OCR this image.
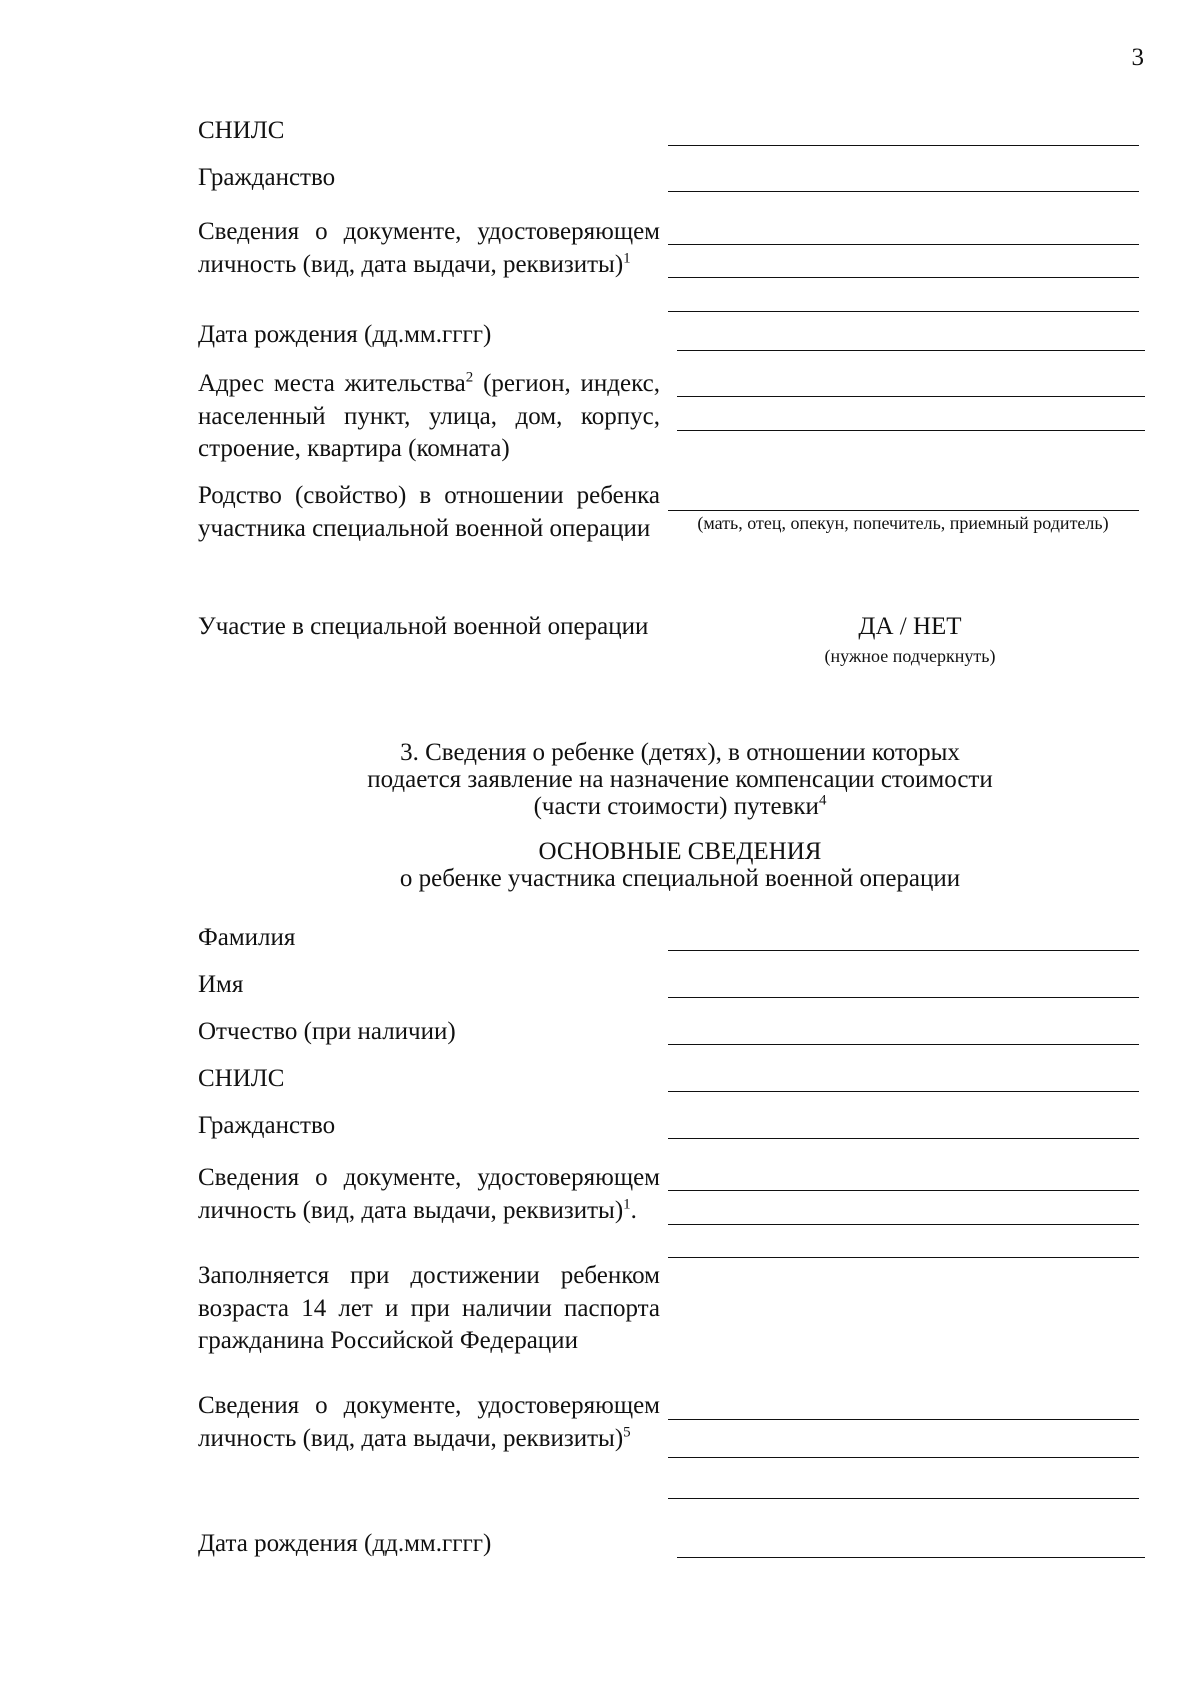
3
СНИЛС
Гражданство
Сведения о документе, удостоверяющем личность (вид, дата выдачи, реквизиты)$^1$
Дата рождения (дд.мм.гггг)
Адрес места жительства$^2$ (регион, индекс, населенный пункт, улица, дом, корпус, строение, квартира (комната)
Родство (свойство) в отношении ребенка участника специальной военной операции	(мать, отец, опекун, попечитель, приемный родитель)
Участие в специальной военной операции	ДА / НЕТ
(нужное подчеркнуть)
3. Сведения о ребенке (детях), в отношении которых
подается заявление на назначение компенсации стоимости
(части стоимости) путевки$^4$
ОСНОВНЫЕ СВЕДЕНИЯ
о ребенке участника специальной военной операции
Фамилия
Имя
Отчество (при наличии)
СНИЛС
Гражданство
Сведения о документе, удостоверяющем личность (вид, дата выдачи, реквизиты)$^1$.
Заполняется при достижении ребенком возраста 14 лет и при наличии паспорта гражданина Российской Федерации
Сведения о документе, удостоверяющем личность (вид, дата выдачи, реквизиты)$^5$
Дата рождения (дд.мм.гггг)
